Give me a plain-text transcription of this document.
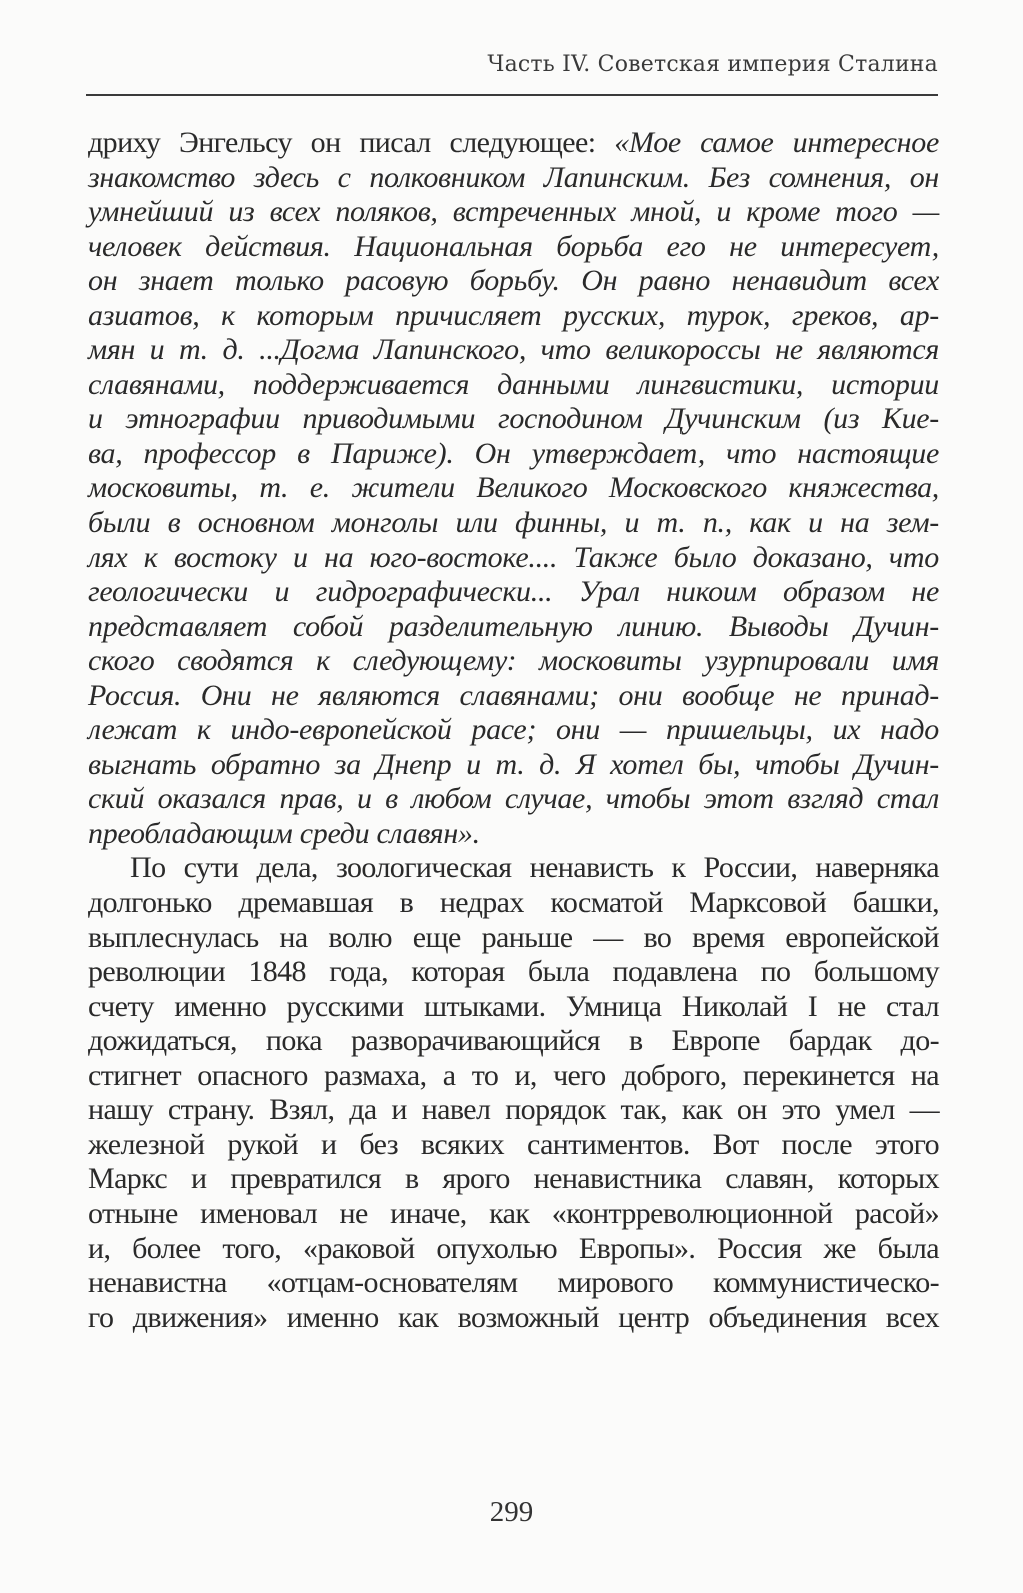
Часть IV. Советская империя Сталина
дриху Энгельсу он писал следующее: «Мое самое интересное
знакомство здесь с полковником Лапинским. Без сомнения, он
умнейший из всех поляков, встреченных мной, и кроме того —
человек действия. Национальная борьба его не интересует,
он знает только расовую борьбу. Он равно ненавидит всех
азиатов, к которым причисляет русских, турок, греков, ар-
мян и т. д. ...Догма Лапинского, что великороссы не являются
славянами, поддерживается данными лингвистики, истории
и этнографии приводимыми господином Дучинским (из Кие-
ва, профессор в Париже). Он утверждает, что настоящие
московиты, т. е. жители Великого Московского княжества,
были в основном монголы или финны, и т. п., как и на зем-
лях к востоку и на юго-востоке.... Также было доказано, что
геологически и гидрографически... Урал никоим образом не
представляет собой разделительную линию. Выводы Дучин-
ского сводятся к следующему: московиты узурпировали имя
Россия. Они не являются славянами; они вообще не принад-
лежат к индо-европейской расе; они — пришельцы, их надо
выгнать обратно за Днепр и т. д. Я хотел бы, чтобы Дучин-
ский оказался прав, и в любом случае, чтобы этот взгляд стал
преобладающим среди славян».
По сути дела, зоологическая ненависть к России, наверняка
долгонько дремавшая в недрах косматой Марксовой башки,
выплеснулась на волю еще раньше — во время европейской
революции 1848 года, которая была подавлена по большому
счету именно русскими штыками. Умница Николай I не стал
дожидаться, пока разворачивающийся в Европе бардак до-
стигнет опасного размаха, а то и, чего доброго, перекинется на
нашу страну. Взял, да и навел порядок так, как он это умел —
железной рукой и без всяких сантиментов. Вот после этого
Маркс и превратился в ярого ненавистника славян, которых
отныне именовал не иначе, как «контрреволюционной расой»
и, более того, «раковой опухолью Европы». Россия же была
ненавистна «отцам-основателям мирового коммунистическо-
го движения» именно как возможный центр объединения всех
299
